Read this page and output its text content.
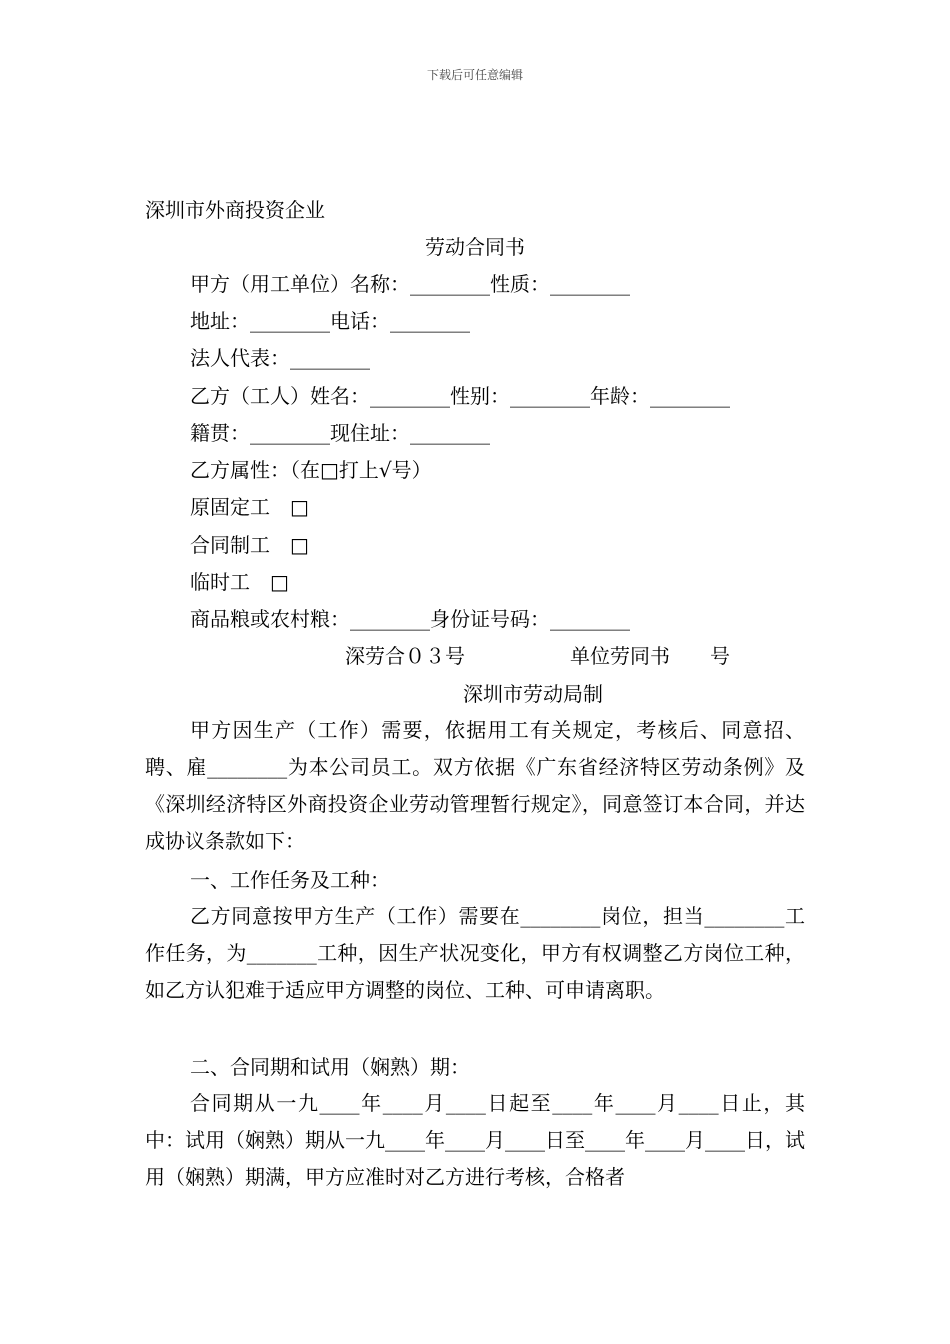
下载后可任意编辑
深圳市外商投资企业
劳动合同书
甲方（用工单位）名称：________性质：________
地址：________电话：________
法人代表：________
乙方（工人）姓名：________性别：________年龄：________
籍贯：________现住址：________
乙方属性：（在□打上√号）
原固定工　□
合同制工　□
临时工　□
商品粮或农村粮：________身份证号码：________
深劳合０３号	单位劳同书　　号
深圳市劳动局制
甲方因生产（工作）需要，依据用工有关规定，考核后、同意招、聘、雇________为本公司员工。双方依据《广东省经济特区劳动条例》及《深圳经济特区外商投资企业劳动管理暂行规定》，同意签订本合同，并达成协议条款如下：
一、工作任务及工种：
乙方同意按甲方生产（工作）需要在________岗位，担当________工作任务，为_______工种，因生产状况变化，甲方有权调整乙方岗位工种，如乙方认犯难于适应甲方调整的岗位、工种、可申请离职。
二、合同期和试用（娴熟）期：
合同期从一九____年____月____日起至____年____月____日止，其中：试用（娴熟）期从一九____年____月____日至____年____月____日，试用（娴熟）期满，甲方应准时对乙方进行考核，合格者
